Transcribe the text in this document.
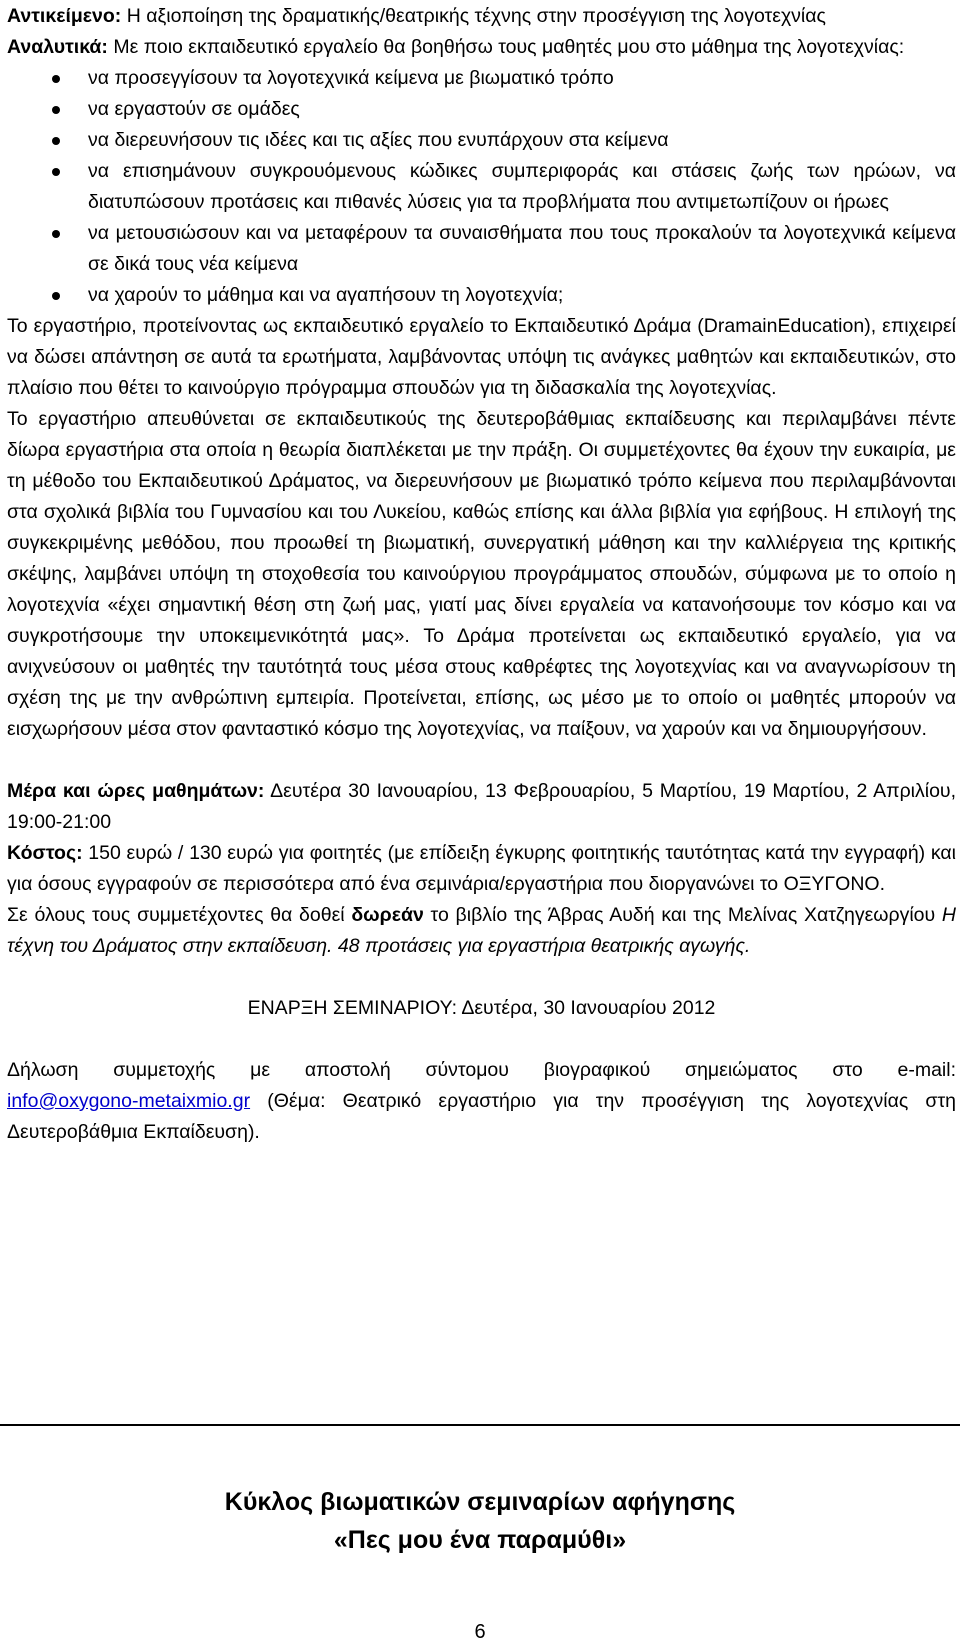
Αντικείμενο: Η αξιοποίηση της δραματικής/θεατρικής τέχνης στην προσέγγιση της λογοτεχνίας

Αναλυτικά: Με ποιο εκπαιδευτικό εργαλείο θα βοηθήσω τους μαθητές μου στο μάθημα της λογοτεχνίας:

να προσεγγίσουν τα λογοτεχνικά κείμενα με βιωματικό τρόπο
να εργαστούν σε ομάδες
να διερευνήσουν τις ιδέες και τις αξίες που ενυπάρχουν στα κείμενα
να επισημάνουν συγκρουόμενους κώδικες συμπεριφοράς και στάσεις ζωής των ηρώων, να διατυπώσουν προτάσεις και πιθανές λύσεις για τα προβλήματα που αντιμετωπίζουν οι ήρωες
να μετουσιώσουν και να μεταφέρουν τα συναισθήματα που τους προκαλούν τα λογοτεχνικά κείμενα σε δικά τους νέα κείμενα
να χαρούν το μάθημα και να αγαπήσουν τη λογοτεχνία;

Το εργαστήριο, προτείνοντας ως εκπαιδευτικό εργαλείο το Εκπαιδευτικό Δράμα (DramainEducation), επιχειρεί να δώσει απάντηση σε αυτά τα ερωτήματα, λαμβάνοντας υπόψη τις ανάγκες μαθητών και εκπαιδευτικών, στο πλαίσιο που θέτει το καινούργιο πρόγραμμα σπουδών για τη διδασκαλία της λογοτεχνίας.

Το εργαστήριο απευθύνεται σε εκπαιδευτικούς της δευτεροβάθμιας εκπαίδευσης και περιλαμβάνει πέντε δίωρα εργαστήρια στα οποία η θεωρία διαπλέκεται με την πράξη. Οι συμμετέχοντες θα έχουν την ευκαιρία, με τη μέθοδο του Εκπαιδευτικού Δράματος, να διερευνήσουν με βιωματικό τρόπο κείμενα που περιλαμβάνονται στα σχολικά βιβλία του Γυμνασίου και του Λυκείου, καθώς επίσης και άλλα βιβλία για εφήβους. Η επιλογή της συγκεκριμένης μεθόδου, που προωθεί τη βιωματική, συνεργατική μάθηση και την καλλιέργεια της κριτικής σκέψης, λαμβάνει υπόψη τη στοχοθεσία του καινούργιου προγράμματος σπουδών, σύμφωνα με το οποίο η λογοτεχνία «έχει σημαντική θέση στη ζωή μας, γιατί μας δίνει εργαλεία να κατανοήσουμε τον κόσμο και να συγκροτήσουμε την υποκειμενικότητά μας». Το Δράμα προτείνεται ως εκπαιδευτικό εργαλείο, για να ανιχνεύσουν οι μαθητές την ταυτότητά τους μέσα στους καθρέφτες της λογοτεχνίας και να αναγνωρίσουν τη σχέση της με την ανθρώπινη εμπειρία. Προτείνεται, επίσης, ως μέσο με το οποίο οι μαθητές μπορούν να εισχωρήσουν μέσα στον φανταστικό κόσμο της λογοτεχνίας, να παίξουν, να χαρούν και να δημιουργήσουν.

Μέρα και ώρες μαθημάτων: Δευτέρα 30 Ιανουαρίου, 13 Φεβρουαρίου, 5 Μαρτίου, 19 Μαρτίου, 2 Απριλίου, 19:00-21:00

Κόστος: 150 ευρώ / 130 ευρώ για φοιτητές (με επίδειξη έγκυρης φοιτητικής ταυτότητας κατά την εγγραφή) και για όσους εγγραφούν σε περισσότερα από ένα σεμινάρια/εργαστήρια που διοργανώνει το ΟΞΥΓΟΝΟ.

Σε όλους τους συμμετέχοντες θα δοθεί δωρεάν το βιβλίο της Άβρας Αυδή και της Μελίνας Χατζηγεωργίου Η τέχνη του Δράματος στην εκπαίδευση. 48 προτάσεις για εργαστήρια θεατρικής αγωγής.

ΕΝΑΡΞΗ ΣΕΜΙΝΑΡΙΟΥ: Δευτέρα, 30 Ιανουαρίου 2012

Δήλωση συμμετοχής με αποστολή σύντομου βιογραφικού σημειώματος στο e-mail:

info@oxygono-metaixmio.gr (Θέμα: Θεατρικό εργαστήριο για την προσέγγιση της λογοτεχνίας στη Δευτεροβάθμια Εκπαίδευση).

Κύκλος βιωματικών σεμιναρίων αφήγησης
«Πες μου ένα παραμύθι»
6
